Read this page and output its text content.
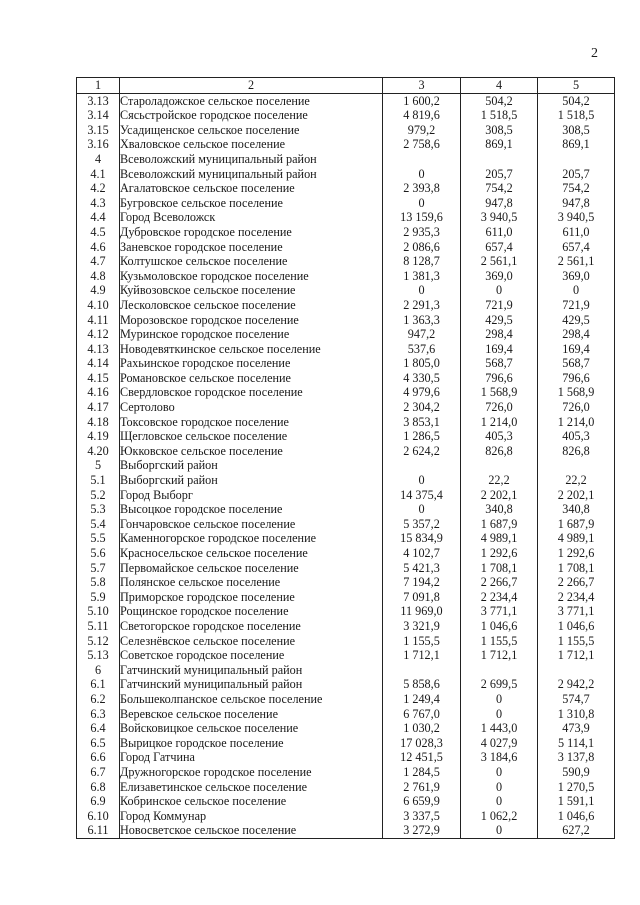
2
1	2	3	4	5
3.13	Староладожское сельское поселение	1 600,2	504,2	504,2
3.14	Сясьстройское городское поселение	4 819,6	1 518,5	1 518,5
3.15	Усадищенское сельское поселение	979,2	308,5	308,5
3.16	Хваловское сельское поселение	2 758,6	869,1	869,1
4	Всеволожский муниципальный район			
4.1	Всеволожский муниципальный район	0	205,7	205,7
4.2	Агалатовское сельское поселение	2 393,8	754,2	754,2
4.3	Бугровское сельское поселение	0	947,8	947,8
4.4	Город Всеволожск	13 159,6	3 940,5	3 940,5
4.5	Дубровское городское поселение	2 935,3	611,0	611,0
4.6	Заневское городское поселение	2 086,6	657,4	657,4
4.7	Колтушское сельское поселение	8 128,7	2 561,1	2 561,1
4.8	Кузьмоловское городское поселение	1 381,3	369,0	369,0
4.9	Куйвозовское сельское поселение	0	0	0
4.10	Лесколовское сельское поселение	2 291,3	721,9	721,9
4.11	Морозовское городское поселение	1 363,3	429,5	429,5
4.12	Муринское городское поселение	947,2	298,4	298,4
4.13	Новодевяткинское сельское поселение	537,6	169,4	169,4
4.14	Рахьинское городское поселение	1 805,0	568,7	568,7
4.15	Романовское сельское поселение	4 330,5	796,6	796,6
4.16	Свердловское городское поселение	4 979,6	1 568,9	1 568,9
4.17	Сертолово	2 304,2	726,0	726,0
4.18	Токсовское городское поселение	3 853,1	1 214,0	1 214,0
4.19	Щегловское сельское поселение	1 286,5	405,3	405,3
4.20	Юкковское сельское поселение	2 624,2	826,8	826,8
5	Выборгский район			
5.1	Выборгский район	0	22,2	22,2
5.2	Город Выборг	14 375,4	2 202,1	2 202,1
5.3	Высоцкое городское поселение	0	340,8	340,8
5.4	Гончаровское сельское поселение	5 357,2	1 687,9	1 687,9
5.5	Каменногорское городское поселение	15 834,9	4 989,1	4 989,1
5.6	Красносельское сельское поселение	4 102,7	1 292,6	1 292,6
5.7	Первомайское сельское поселение	5 421,3	1 708,1	1 708,1
5.8	Полянское сельское поселение	7 194,2	2 266,7	2 266,7
5.9	Приморское городское поселение	7 091,8	2 234,4	2 234,4
5.10	Рощинское городское поселение	11 969,0	3 771,1	3 771,1
5.11	Светогорское городское поселение	3 321,9	1 046,6	1 046,6
5.12	Селезнёвское сельское поселение	1 155,5	1 155,5	1 155,5
5.13	Советское городское поселение	1 712,1	1 712,1	1 712,1
6	Гатчинский муниципальный район			
6.1	Гатчинский муниципальный район	5 858,6	2 699,5	2 942,2
6.2	Большеколпанское сельское поселение	1 249,4	0	574,7
6.3	Веревское сельское поселение	6 767,0	0	1 310,8
6.4	Войсковицкое сельское поселение	1 030,2	1 443,0	473,9
6.5	Вырицкое городское поселение	17 028,3	4 027,9	5 114,1
6.6	Город Гатчина	12 451,5	3 184,6	3 137,8
6.7	Дружногорское городское поселение	1 284,5	0	590,9
6.8	Елизаветинское сельское поселение	2 761,9	0	1 270,5
6.9	Кобринское сельское поселение	6 659,9	0	1 591,1
6.10	Город Коммунар	3 337,5	1 062,2	1 046,6
6.11	Новосветское сельское поселение	3 272,9	0	627,2
